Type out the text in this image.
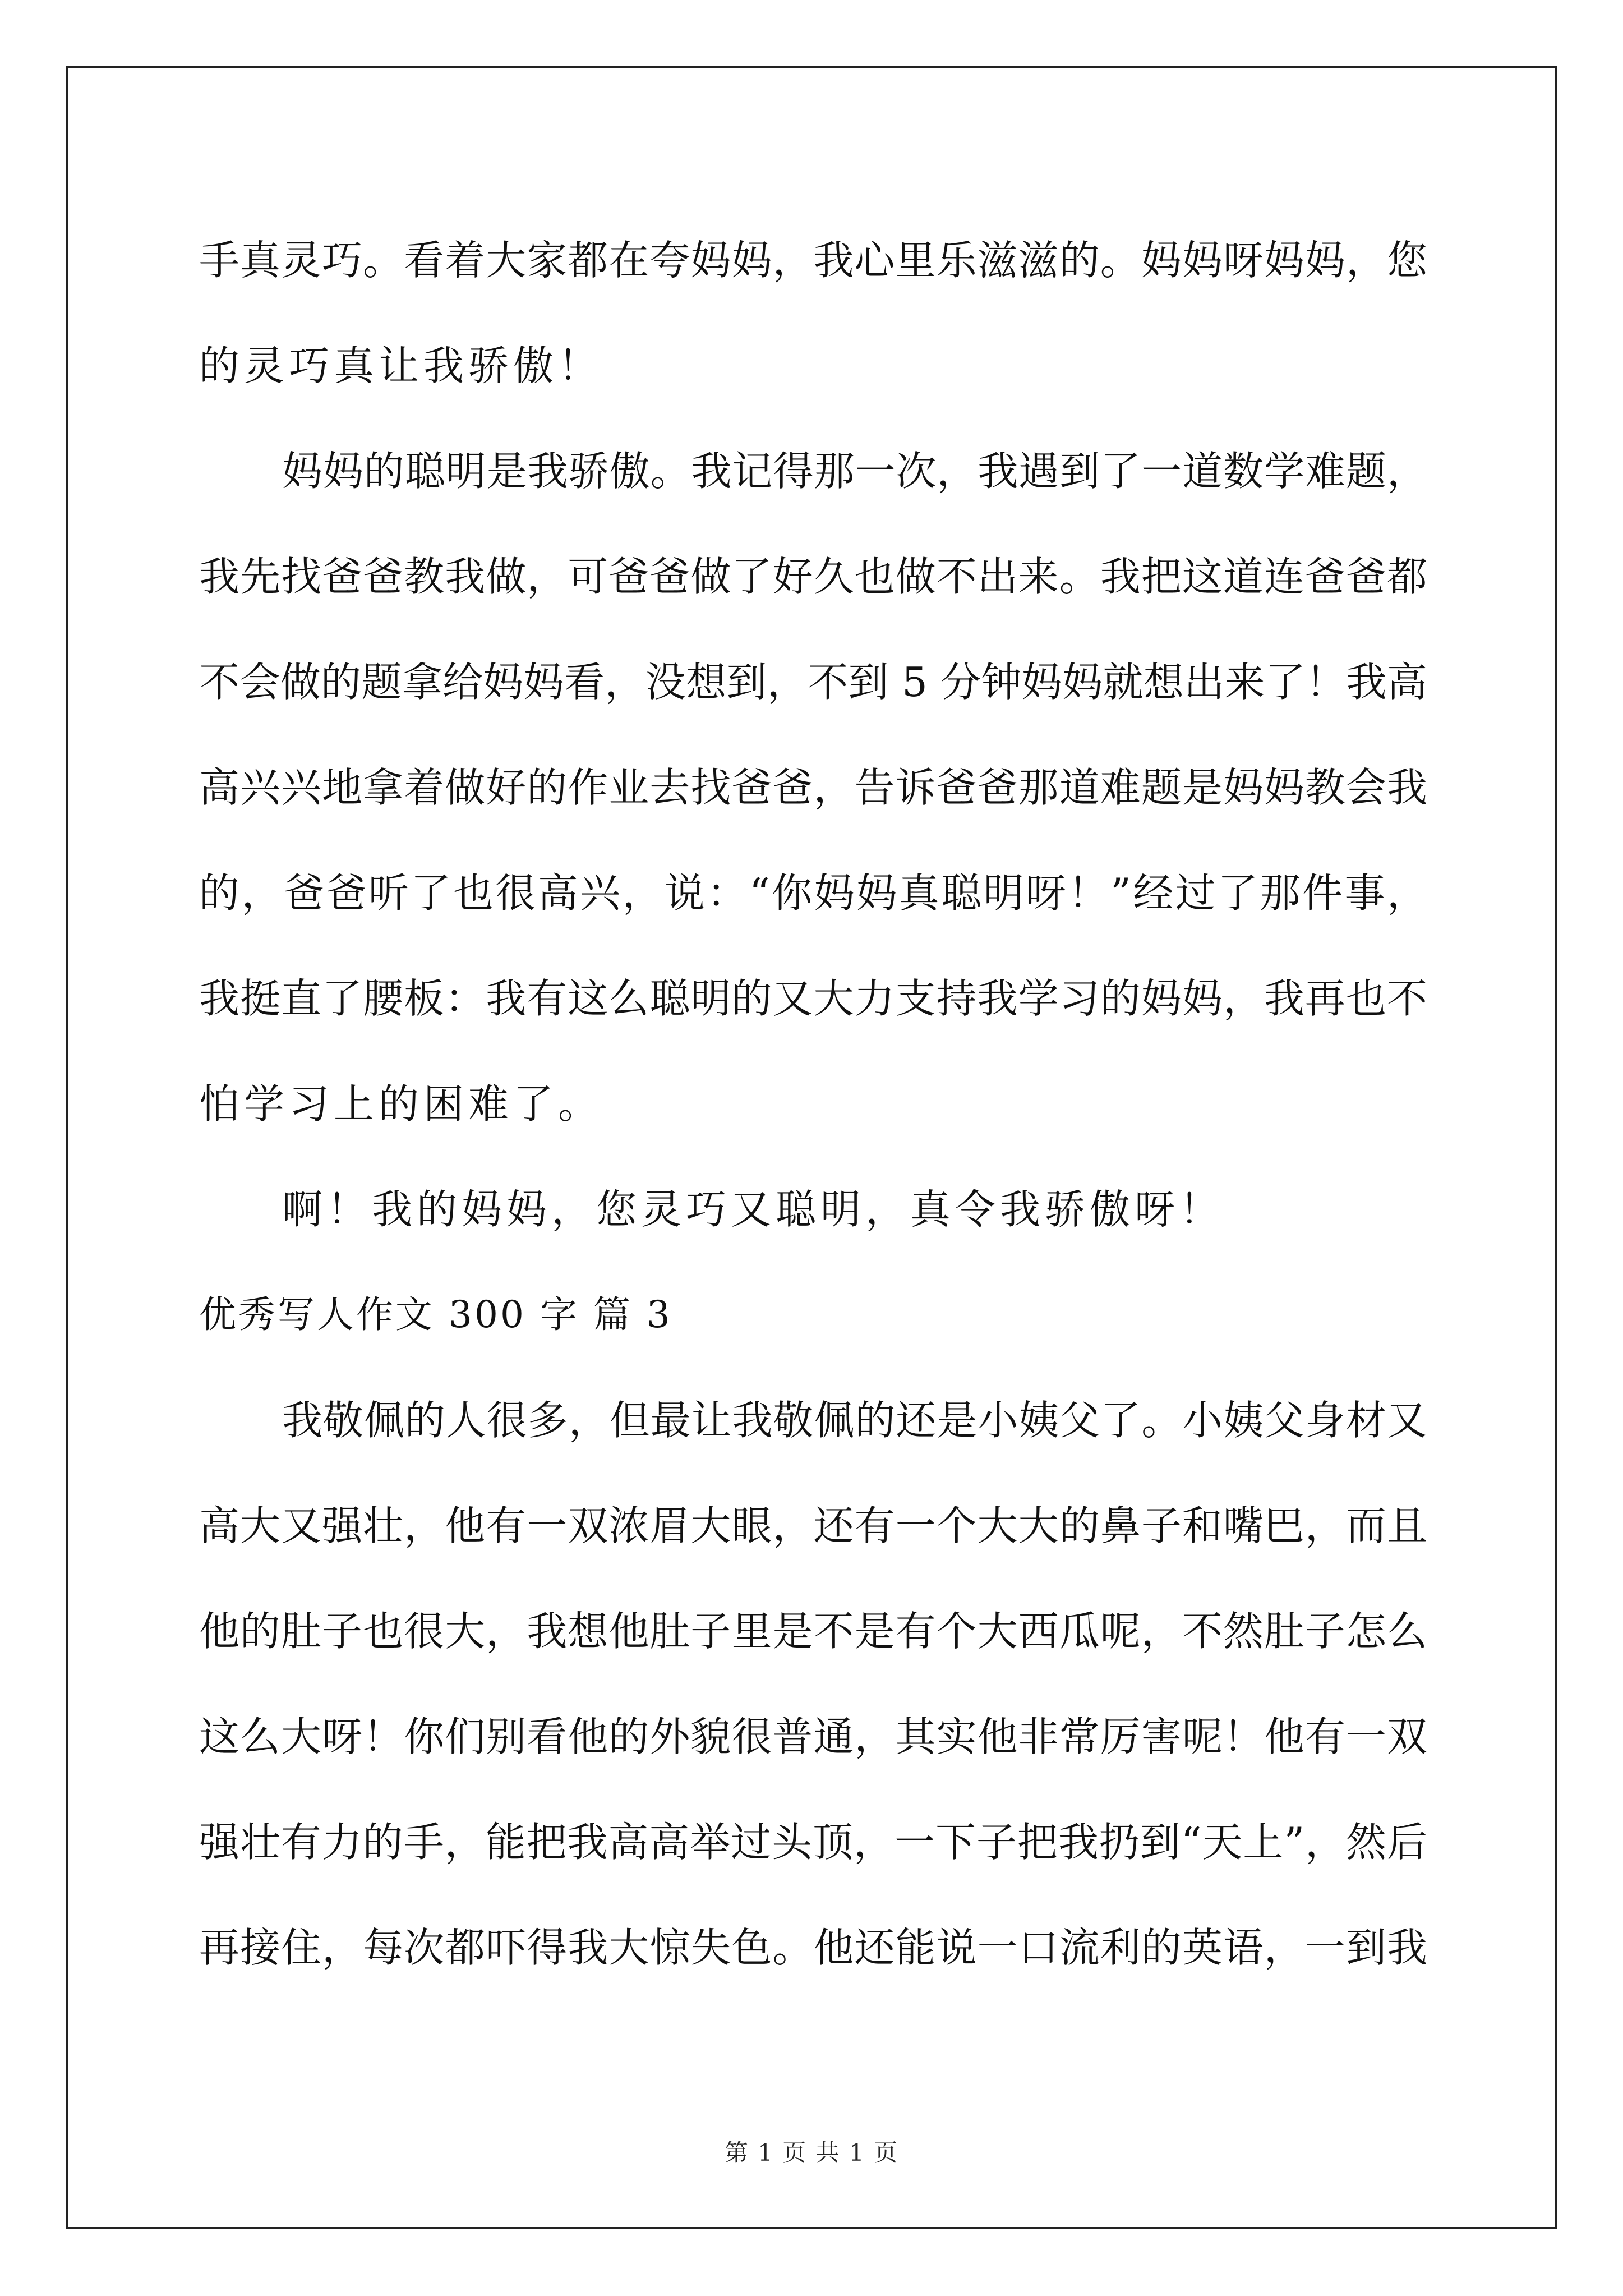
手真灵巧。看着大家都在夸妈妈，我心里乐滋滋的。妈妈呀妈妈，您
的灵巧真让我骄傲！
妈妈的聪明是我骄傲。我记得那一次，我遇到了一道数学难题，
我先找爸爸教我做，可爸爸做了好久也做不出来。我把这道连爸爸都
不会做的题拿给妈妈看，没想到，不到 5 分钟妈妈就想出来了！我高
高兴兴地拿着做好的作业去找爸爸，告诉爸爸那道难题是妈妈教会我
的，爸爸听了也很高兴，说：“你妈妈真聪明呀！”经过了那件事，
我挺直了腰板：我有这么聪明的又大力支持我学习的妈妈，我再也不
怕学习上的困难了。
啊！我的妈妈，您灵巧又聪明，真令我骄傲呀！
优秀写人作文 300 字 篇 3
我敬佩的人很多，但最让我敬佩的还是小姨父了。小姨父身材又
高大又强壮，他有一双浓眉大眼，还有一个大大的鼻子和嘴巴，而且
他的肚子也很大，我想他肚子里是不是有个大西瓜呢，不然肚子怎么
这么大呀！你们别看他的外貌很普通，其实他非常厉害呢！他有一双
强壮有力的手，能把我高高举过头顶，一下子把我扔到“天上”，然后
再接住，每次都吓得我大惊失色。他还能说一口流利的英语，一到我
第 1 页 共 1 页
